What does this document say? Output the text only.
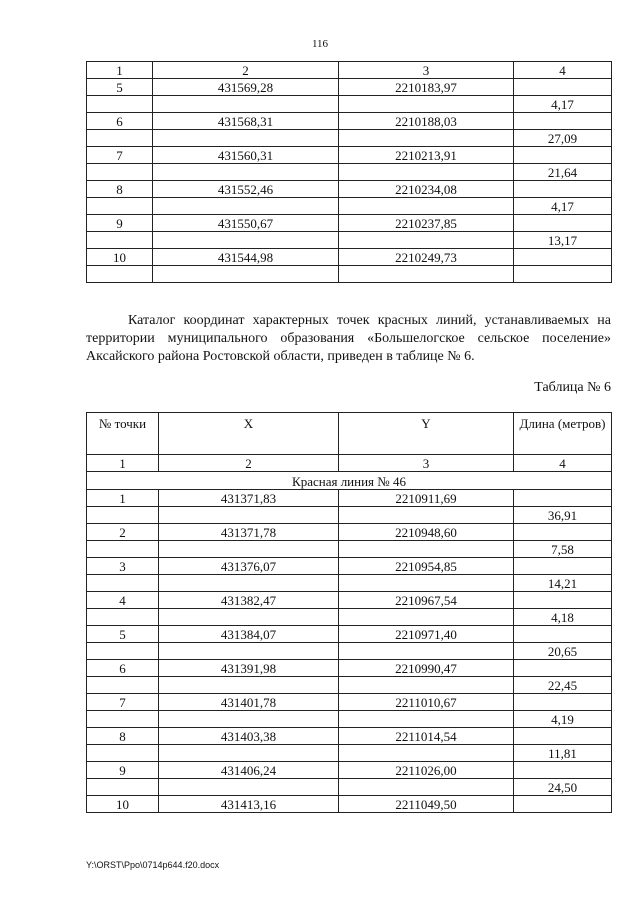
116
1	2	3	4
5	431569,28	2210183,97	
			4,17
6	431568,31	2210188,03	
			27,09
7	431560,31	2210213,91	
			21,64
8	431552,46	2210234,08	
			4,17
9	431550,67	2210237,85	
			13,17
10	431544,98	2210249,73	

Каталог координат характерных точек красных линий, устанавливаемых на территории муниципального образования «Большелогское сельское поселение» Аксайского района Ростовской области, приведен в таблице № 6.

Таблица № 6
№ точки	X	Y	Длина (метров)
1	2	3	4
Красная линия № 46			
1	431371,83	2210911,69	
			36,91
2	431371,78	2210948,60	
			7,58
3	431376,07	2210954,85	
			14,21
4	431382,47	2210967,54	
			4,18
5	431384,07	2210971,40	
			20,65
6	431391,98	2210990,47	
			22,45
7	431401,78	2211010,67	
			4,19
8	431403,38	2211014,54	
			11,81
9	431406,24	2211026,00	
			24,50
10	431413,16	2211049,50	
Y:\ORST\Ppo\0714p644.f20.docx
